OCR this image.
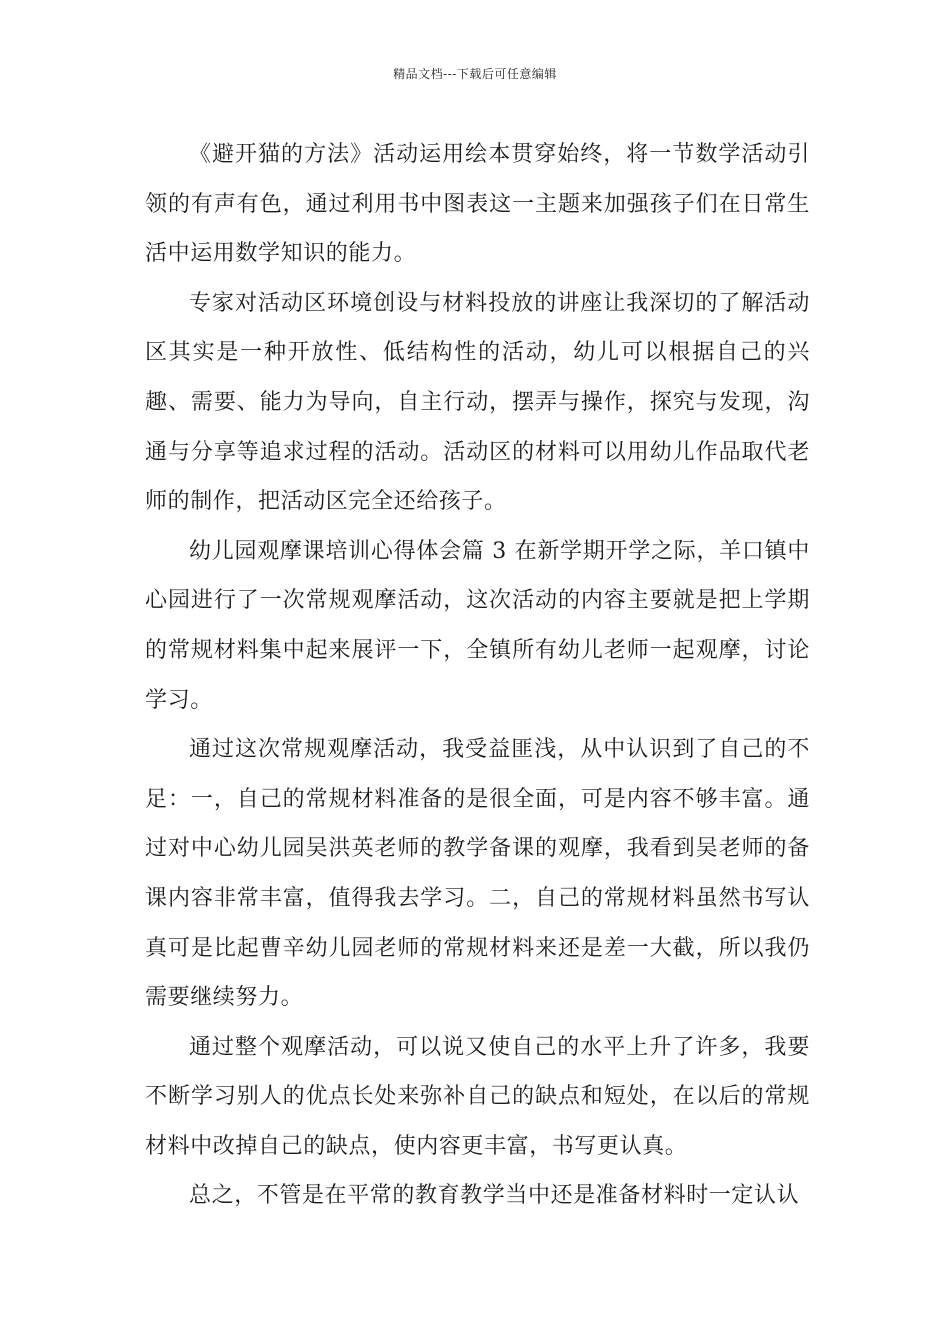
精品文档---下载后可任意编辑

《避开猫的方法》活动运用绘本贯穿始终，将一节数学活动引领的有声有色，通过利用书中图表这一主题来加强孩子们在日常生活中运用数学知识的能力。

专家对活动区环境创设与材料投放的讲座让我深切的了解活动区其实是一种开放性、低结构性的活动，幼儿可以根据自己的兴趣、需要、能力为导向，自主行动，摆弄与操作，探究与发现，沟通与分享等追求过程的活动。活动区的材料可以用幼儿作品取代老师的制作，把活动区完全还给孩子。

幼儿园观摩课培训心得体会篇 3 在新学期开学之际，羊口镇中心园进行了一次常规观摩活动，这次活动的内容主要就是把上学期的常规材料集中起来展评一下，全镇所有幼儿老师一起观摩，讨论学习。

通过这次常规观摩活动，我受益匪浅，从中认识到了自己的不足：一，自己的常规材料准备的是很全面，可是内容不够丰富。通过对中心幼儿园吴洪英老师的教学备课的观摩，我看到吴老师的备课内容非常丰富，值得我去学习。二，自己的常规材料虽然书写认真可是比起曹辛幼儿园老师的常规材料来还是差一大截，所以我仍需要继续努力。

通过整个观摩活动，可以说又使自己的水平上升了许多，我要不断学习别人的优点长处来弥补自己的缺点和短处，在以后的常规材料中改掉自己的缺点，使内容更丰富，书写更认真。

总之，不管是在平常的教育教学当中还是准备材料时一定认认
